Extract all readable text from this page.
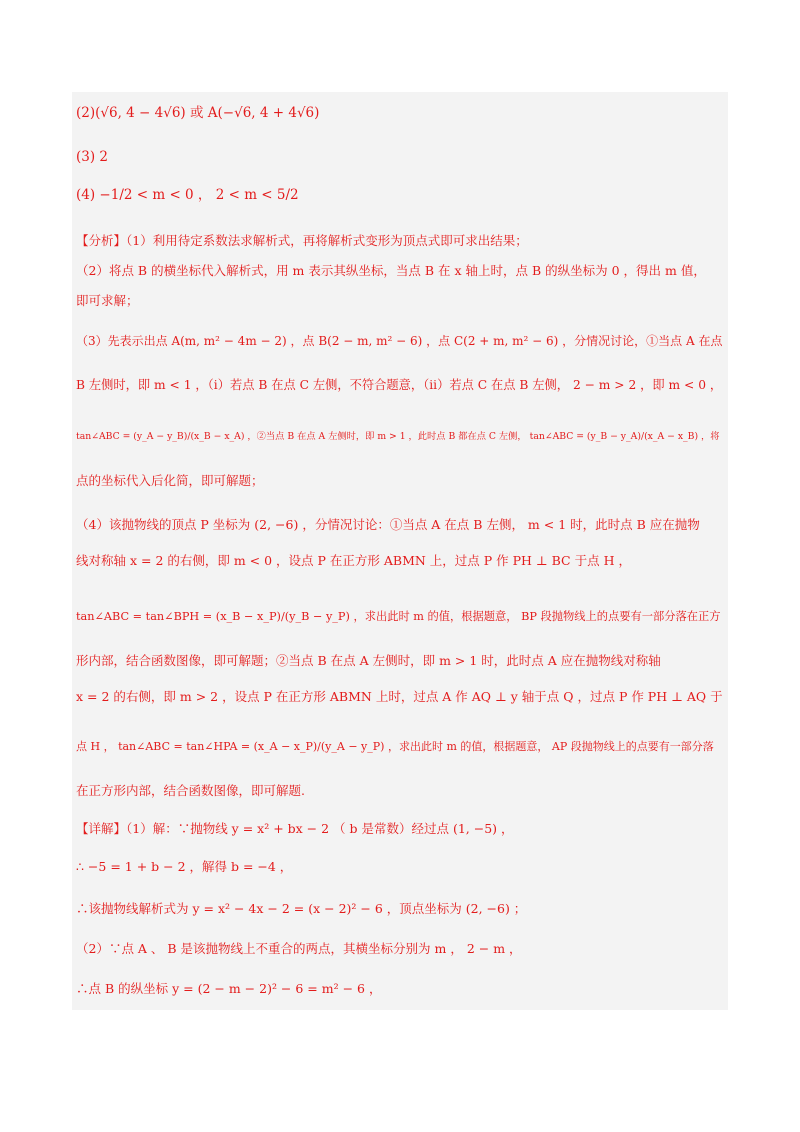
(2)(√6, 4 − 4√6) 或 A(−√6, 4 + 4√6)
(3) 2
(4) −1/2 < m < 0 ， 2 < m < 5/2
【分析】（1）利用待定系数法求解析式，再将解析式变形为顶点式即可求出结果；
（2）将点 B 的横坐标代入解析式，用 m 表示其纵坐标，当点 B 在 x 轴上时，点 B 的纵坐标为 0 ，得出 m 值，
即可求解；
（3）先表示出点 A(m, m² − 4m − 2) ，点 B(2 − m, m² − 6) ，点 C(2 + m, m² − 6) ，分情况讨论，①当点 A 在点
B 左侧时，即 m < 1 ，（i）若点 B 在点 C 左侧，不符合题意，（ii）若点 C 在点 B 左侧， 2 − m > 2 ，即 m < 0 ，
tan∠ABC = (y_A − y_B)/(x_B − x_A) ，②当点 B 在点 A 左侧时，即 m > 1 ，此时点 B 都在点 C 左侧， tan∠ABC = (y_B − y_A)/(x_A − x_B) ，将
点的坐标代入后化简，即可解题；
（4）该抛物线的顶点 P 坐标为 (2, −6) ，分情况讨论：①当点 A 在点 B 左侧， m < 1 时，此时点 B 应在抛物
线对称轴 x = 2 的右侧，即 m < 0 ，设点 P 在正方形 ABMN 上，过点 P 作 PH ⊥ BC 于点 H ，
tan∠ABC = tan∠BPH = (x_B − x_P)/(y_B − y_P) ，求出此时 m 的值，根据题意， BP 段抛物线上的点要有一部分落在正方
形内部，结合函数图像，即可解题；②当点 B 在点 A 左侧时，即 m > 1 时，此时点 A 应在抛物线对称轴
x = 2 的右侧，即 m > 2 ，设点 P 在正方形 ABMN 上时，过点 A 作 AQ ⊥ y 轴于点 Q ，过点 P 作 PH ⊥ AQ 于
点 H ， tan∠ABC = tan∠HPA = (x_A − x_P)/(y_A − y_P) ，求出此时 m 的值，根据题意， AP 段抛物线上的点要有一部分落
在正方形内部，结合函数图像，即可解题.
【详解】（1）解：∵抛物线 y = x² + bx − 2 （ b 是常数）经过点 (1, −5) ，
∴ −5 = 1 + b − 2 ，解得 b = −4 ，
∴该抛物线解析式为 y = x² − 4x − 2 = (x − 2)² − 6 ，顶点坐标为 (2, −6) ；
（2）∵点 A 、 B 是该抛物线上不重合的两点，其横坐标分别为 m ， 2 − m ，
∴点 B 的纵坐标 y = (2 − m − 2)² − 6 = m² − 6 ，
